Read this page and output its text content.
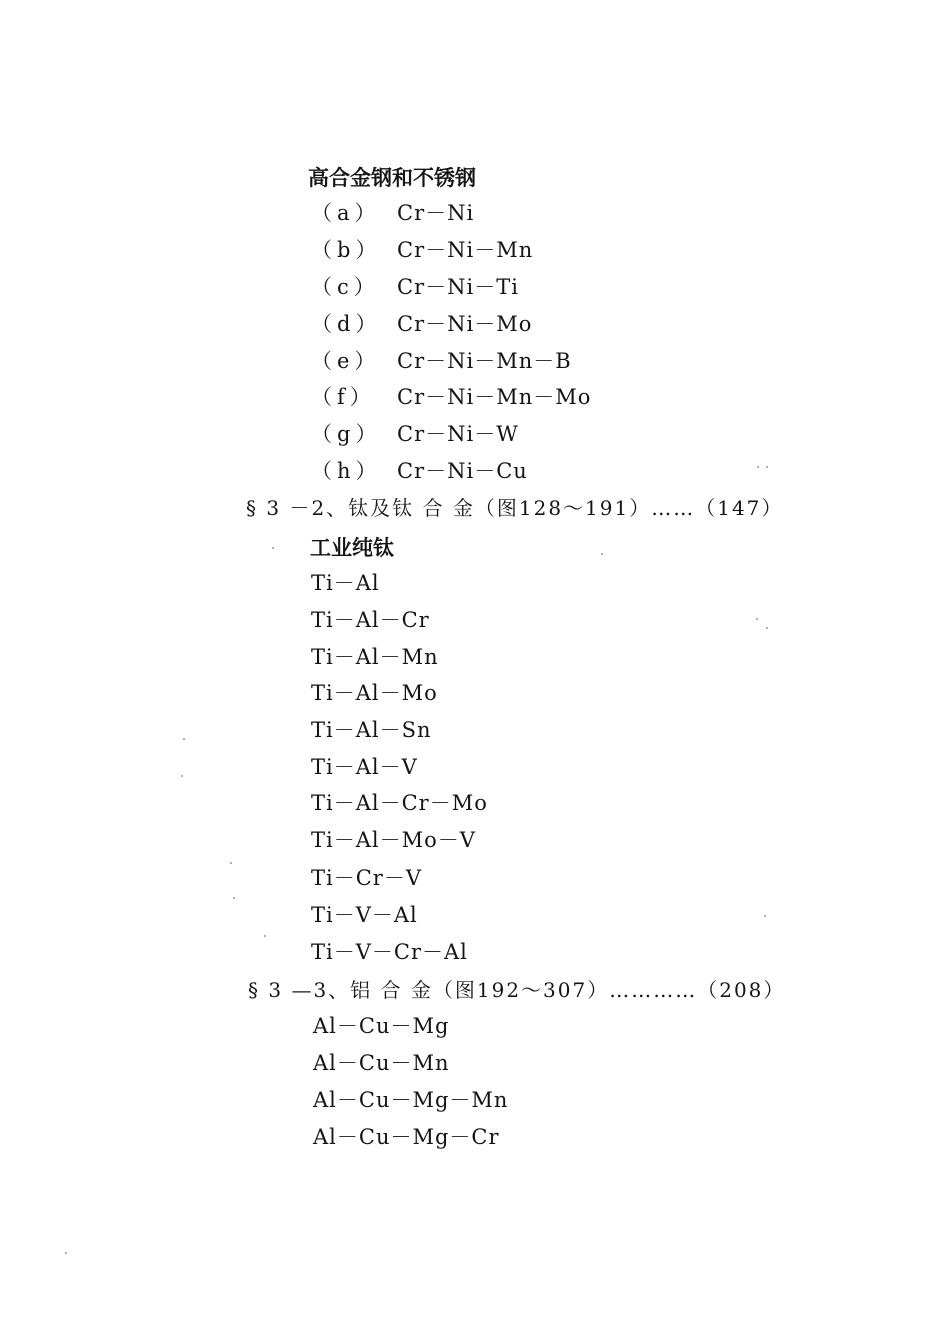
高合金钢和不锈钢
（a） Cr－Ni
（b） Cr－Ni－Mn
（c） Cr－Ni－Ti
（d） Cr－Ni－Mo
（e） Cr－Ni－Mn－B
（f） Cr－Ni－Mn－Mo
（g） Cr－Ni－W
（h） Cr－Ni－Cu
§ 3 －2、钛及钛 合 金（图128～191）……（147）
工业纯钛
Ti－Al
Ti－Al－Cr
Ti－Al－Mn
Ti－Al－Mo
Ti－Al－Sn
Ti－Al－V
Ti－Al－Cr－Mo
Ti－Al－Mo－V
Ti－Cr－V
Ti－V－Al
Ti－V－Cr－Al
§ 3 —3、铝 合 金（图192～307）…………（208）
Al－Cu－Mg
Al－Cu－Mn
Al－Cu－Mg－Mn
Al－Cu－Mg－Cr
